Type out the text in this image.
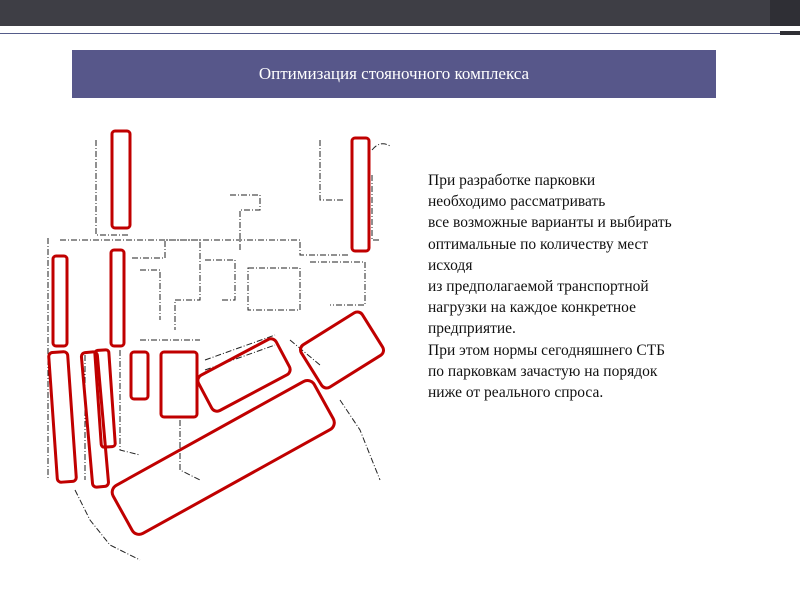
Оптимизация стояночного комплекса
При разработке парковки
необходимо рассматривать
все возможные варианты и выбирать
оптимальные по количеству мест
исходя
из предполагаемой транспортной
нагрузки на каждое конкретное
предприятие.
При этом нормы сегодняшнего СТБ
по парковкам зачастую на порядок
ниже от реального спроса.
